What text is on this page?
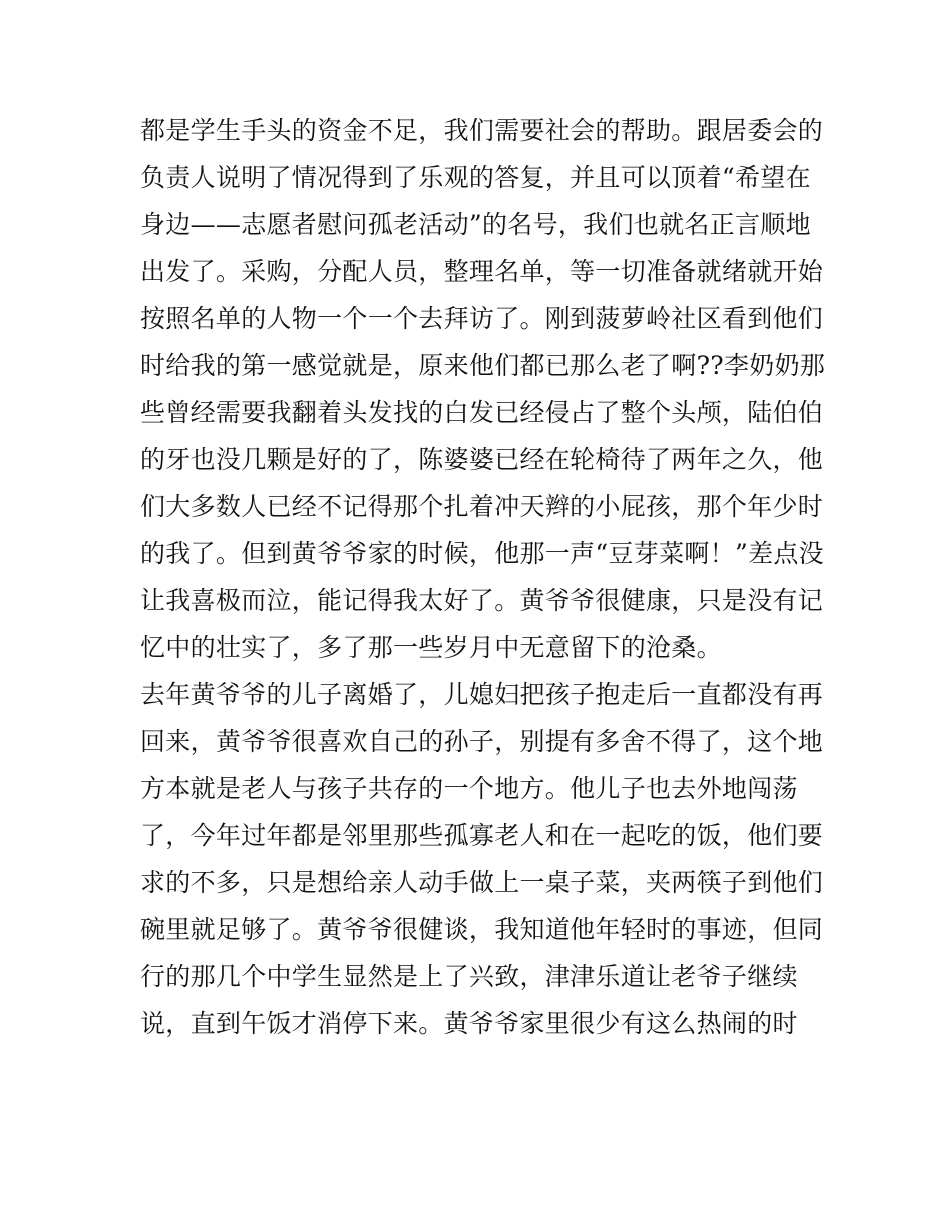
都是学生手头的资金不足，我们需要社会的帮助。跟居委会的
负责人说明了情况得到了乐观的答复，并且可以顶着“希望在
身边——志愿者慰问孤老活动”的名号，我们也就名正言顺地
出发了。采购，分配人员，整理名单，等一切准备就绪就开始
按照名单的人物一个一个去拜访了。刚到菠萝岭社区看到他们
时给我的第一感觉就是，原来他们都已那么老了啊??李奶奶那
些曾经需要我翻着头发找的白发已经侵占了整个头颅，陆伯伯
的牙也没几颗是好的了，陈婆婆已经在轮椅待了两年之久，他
们大多数人已经不记得那个扎着冲天辫的小屁孩，那个年少时
的我了。但到黄爷爷家的时候，他那一声“豆芽菜啊！”差点没
让我喜极而泣，能记得我太好了。黄爷爷很健康，只是没有记
忆中的壮实了，多了那一些岁月中无意留下的沧桑。
去年黄爷爷的儿子离婚了，儿媳妇把孩子抱走后一直都没有再
回来，黄爷爷很喜欢自己的孙子，别提有多舍不得了，这个地
方本就是老人与孩子共存的一个地方。他儿子也去外地闯荡
了，今年过年都是邻里那些孤寡老人和在一起吃的饭，他们要
求的不多，只是想给亲人动手做上一桌子菜，夹两筷子到他们
碗里就足够了。黄爷爷很健谈，我知道他年轻时的事迹，但同
行的那几个中学生显然是上了兴致，津津乐道让老爷子继续
说，直到午饭才消停下来。黄爷爷家里很少有这么热闹的时
